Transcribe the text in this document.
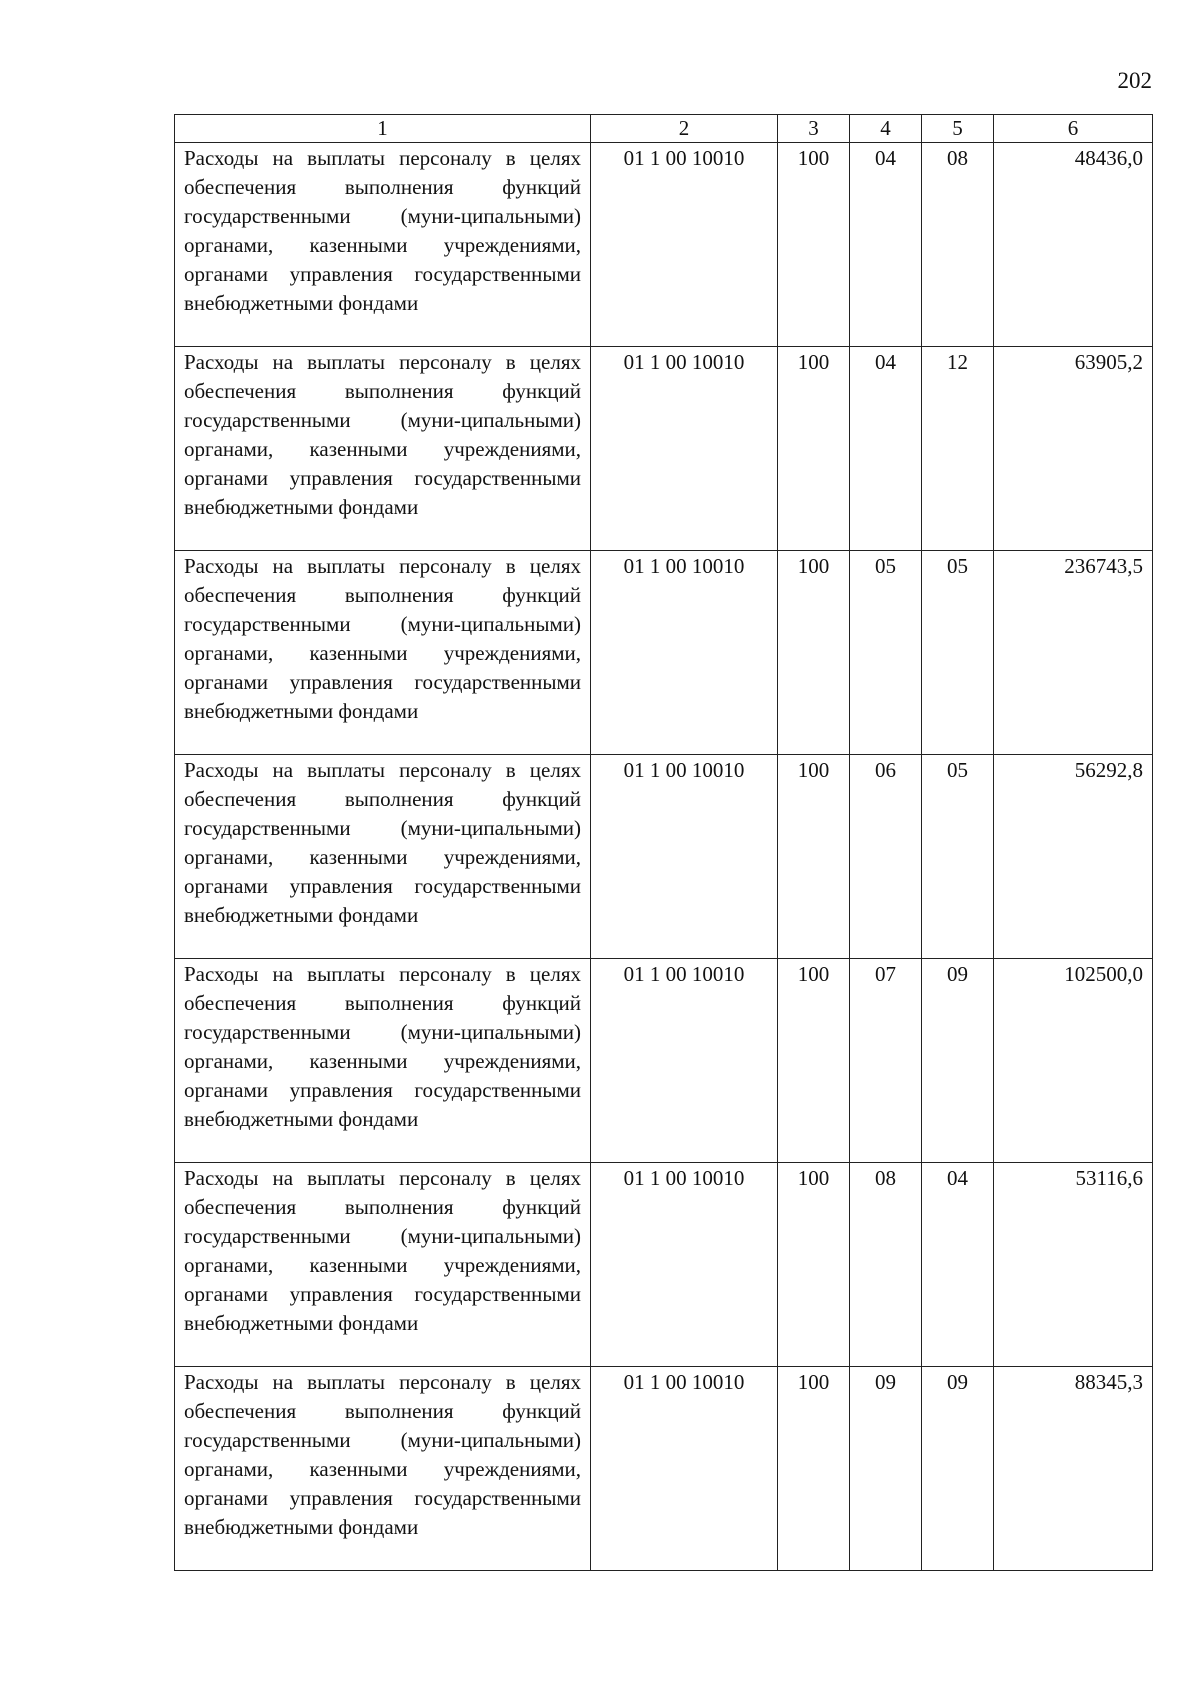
202
1	2	3	4	5	6
Расходы на выплаты персоналу в целях обеспечения выполнения функций государственными (муни-ципальными) органами, казенными учреждениями, органами управления государственными внебюджетными фондами	01 1 00 10010	100	04	08	48436,0
Расходы на выплаты персоналу в целях обеспечения выполнения функций государственными (муни-ципальными) органами, казенными учреждениями, органами управления государственными внебюджетными фондами	01 1 00 10010	100	04	12	63905,2
Расходы на выплаты персоналу в целях обеспечения выполнения функций государственными (муни-ципальными) органами, казенными учреждениями, органами управления государственными внебюджетными фондами	01 1 00 10010	100	05	05	236743,5
Расходы на выплаты персоналу в целях обеспечения выполнения функций государственными (муни-ципальными) органами, казенными учреждениями, органами управления государственными внебюджетными фондами	01 1 00 10010	100	06	05	56292,8
Расходы на выплаты персоналу в целях обеспечения выполнения функций государственными (муни-ципальными) органами, казенными учреждениями, органами управления государственными внебюджетными фондами	01 1 00 10010	100	07	09	102500,0
Расходы на выплаты персоналу в целях обеспечения выполнения функций государственными (муни-ципальными) органами, казенными учреждениями, органами управления государственными внебюджетными фондами	01 1 00 10010	100	08	04	53116,6
Расходы на выплаты персоналу в целях обеспечения выполнения функций государственными (муни-ципальными) органами, казенными учреждениями, органами управления государственными внебюджетными фондами	01 1 00 10010	100	09	09	88345,3
